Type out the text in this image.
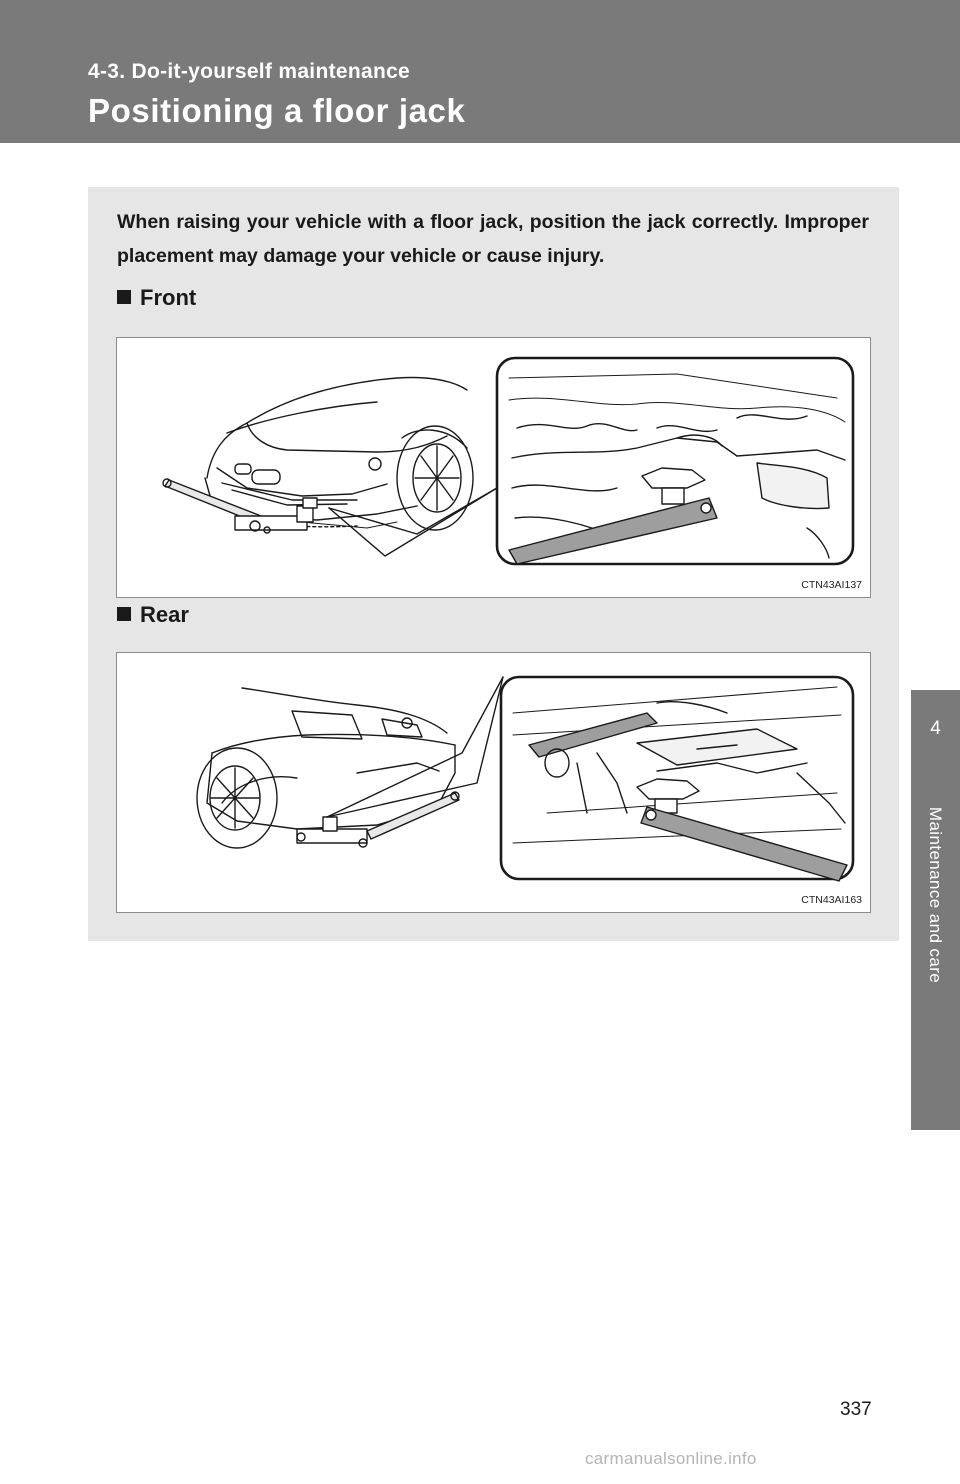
4-3. Do-it-yourself maintenance
Positioning a floor jack
4
Maintenance and care

When raising your vehicle with a floor jack, position the jack correctly. Improper placement may damage your vehicle or cause injury.

Front
CTN43AI137
Rear
CTN43AI163
337
carmanualsonline.info
